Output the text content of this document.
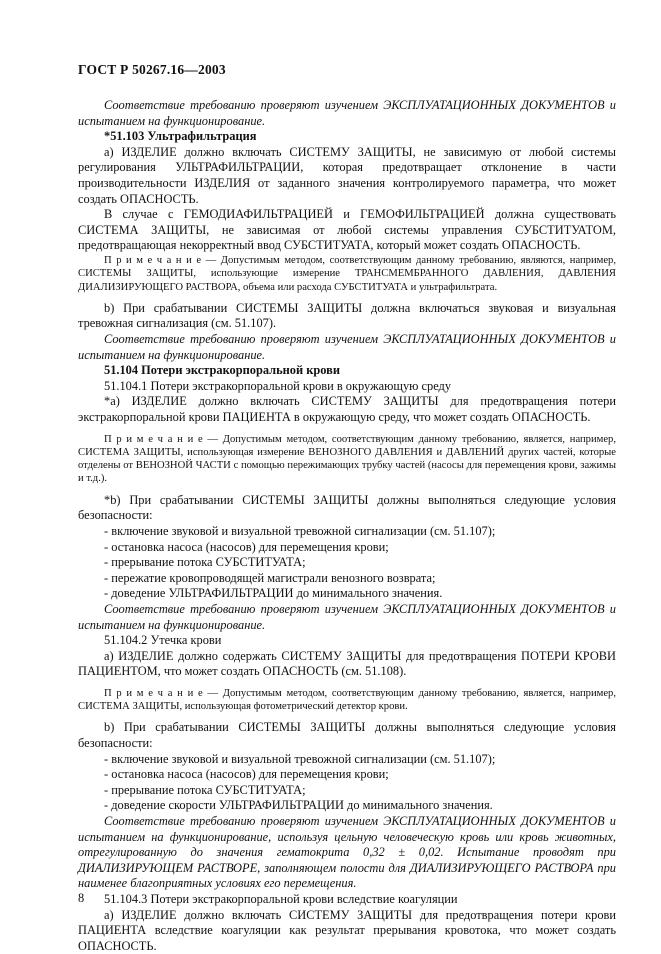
ГОСТ Р 50267.16—2003

Соответствие требованию проверяют изучением ЭКСПЛУАТАЦИОННЫХ ДОКУМЕНТОВ и испытанием на функционирование.

*51.103 Ультрафильтрация

а) ИЗДЕЛИЕ должно включать СИСТЕМУ ЗАЩИТЫ, не зависимую от любой системы регулирования УЛЬТРАФИЛЬТРАЦИИ, которая предотвращает отклонение в части производительности ИЗДЕЛИЯ от заданного значения контролируемого параметра, что может создать ОПАСНОСТЬ.

В случае с ГЕМОДИАФИЛЬТРАЦИЕЙ и ГЕМОФИЛЬТРАЦИЕЙ должна существовать СИСТЕМА ЗАЩИТЫ, не зависимая от любой системы управления СУБСТИТУАТОМ, предотвращающая некорректный ввод СУБСТИТУАТА, который может создать ОПАСНОСТЬ.

П р и м е ч а н и е — Допустимым методом, соответствующим данному требованию, являются, например, СИСТЕМЫ ЗАЩИТЫ, использующие измерение ТРАНСМЕМБРАННОГО ДАВЛЕНИЯ, ДАВЛЕНИЯ ДИАЛИЗИРУЮЩЕГО РАСТВОРА, объема или расхода СУБСТИТУАТА и ультрафильтрата.

b) При срабатывании СИСТЕМЫ ЗАЩИТЫ должна включаться звуковая и визуальная тревожная сигнализация (см. 51.107).

Соответствие требованию проверяют изучением ЭКСПЛУАТАЦИОННЫХ ДОКУМЕНТОВ и испытанием на функционирование.

51.104 Потери экстракорпоральной крови

51.104.1 Потери экстракорпоральной крови в окружающую среду

*а) ИЗДЕЛИЕ должно включать СИСТЕМУ ЗАЩИТЫ для предотвращения потери экстракорпоральной крови ПАЦИЕНТА в окружающую среду, что может создать ОПАСНОСТЬ.

П р и м е ч а н и е — Допустимым методом, соответствующим данному требованию, является, например, СИСТЕМА ЗАЩИТЫ, использующая измерение ВЕНОЗНОГО ДАВЛЕНИЯ и ДАВЛЕНИЙ других частей, которые отделены от ВЕНОЗНОЙ ЧАСТИ с помощью пережимающих трубку частей (насосы для перемещения крови, зажимы и т.д.).

*b) При срабатывании СИСТЕМЫ ЗАЩИТЫ должны выполняться следующие условия безопасности:

- включение звуковой и визуальной тревожной сигнализации (см. 51.107);
- остановка насоса (насосов) для перемещения крови;
- прерывание потока СУБСТИТУАТА;
- пережатие кровопроводящей магистрали венозного возврата;
- доведение УЛЬТРАФИЛЬТРАЦИИ до минимального значения.

Соответствие требованию проверяют изучением ЭКСПЛУАТАЦИОННЫХ ДОКУМЕНТОВ и испытанием на функционирование.

51.104.2 Утечка крови

а) ИЗДЕЛИЕ должно содержать СИСТЕМУ ЗАЩИТЫ для предотвращения ПОТЕРИ КРОВИ ПАЦИЕНТОМ, что может создать ОПАСНОСТЬ (см. 51.108).

П р и м е ч а н и е — Допустимым методом, соответствующим данному требованию, является, например, СИСТЕМА ЗАЩИТЫ, использующая фотометрический детектор крови.

b) При срабатывании СИСТЕМЫ ЗАЩИТЫ должны выполняться следующие условия безопасности:

- включение звуковой и визуальной тревожной сигнализации (см. 51.107);
- остановка насоса (насосов) для перемещения крови;
- прерывание потока СУБСТИТУАТА;
- доведение скорости УЛЬТРАФИЛЬТРАЦИИ до минимального значения.

Соответствие требованию проверяют изучением ЭКСПЛУАТАЦИОННЫХ ДОКУМЕНТОВ и испытанием на функционирование, используя цельную человеческую кровь или кровь животных, отрегулированную до значения гематокрита 0,32 ± 0,02. Испытание проводят при ДИАЛИЗИРУЮЩЕМ РАСТВОРЕ, заполняющем полости для ДИАЛИЗИРУЮЩЕГО РАСТВОРА при наименее благоприятных условиях его перемещения.

51.104.3 Потери экстракорпоральной крови вследствие коагуляции

а) ИЗДЕЛИЕ должно включать СИСТЕМУ ЗАЩИТЫ для предотвращения потери крови ПАЦИЕНТА вследствие коагуляции как результат прерывания кровотока, что может создать ОПАСНОСТЬ.

8
